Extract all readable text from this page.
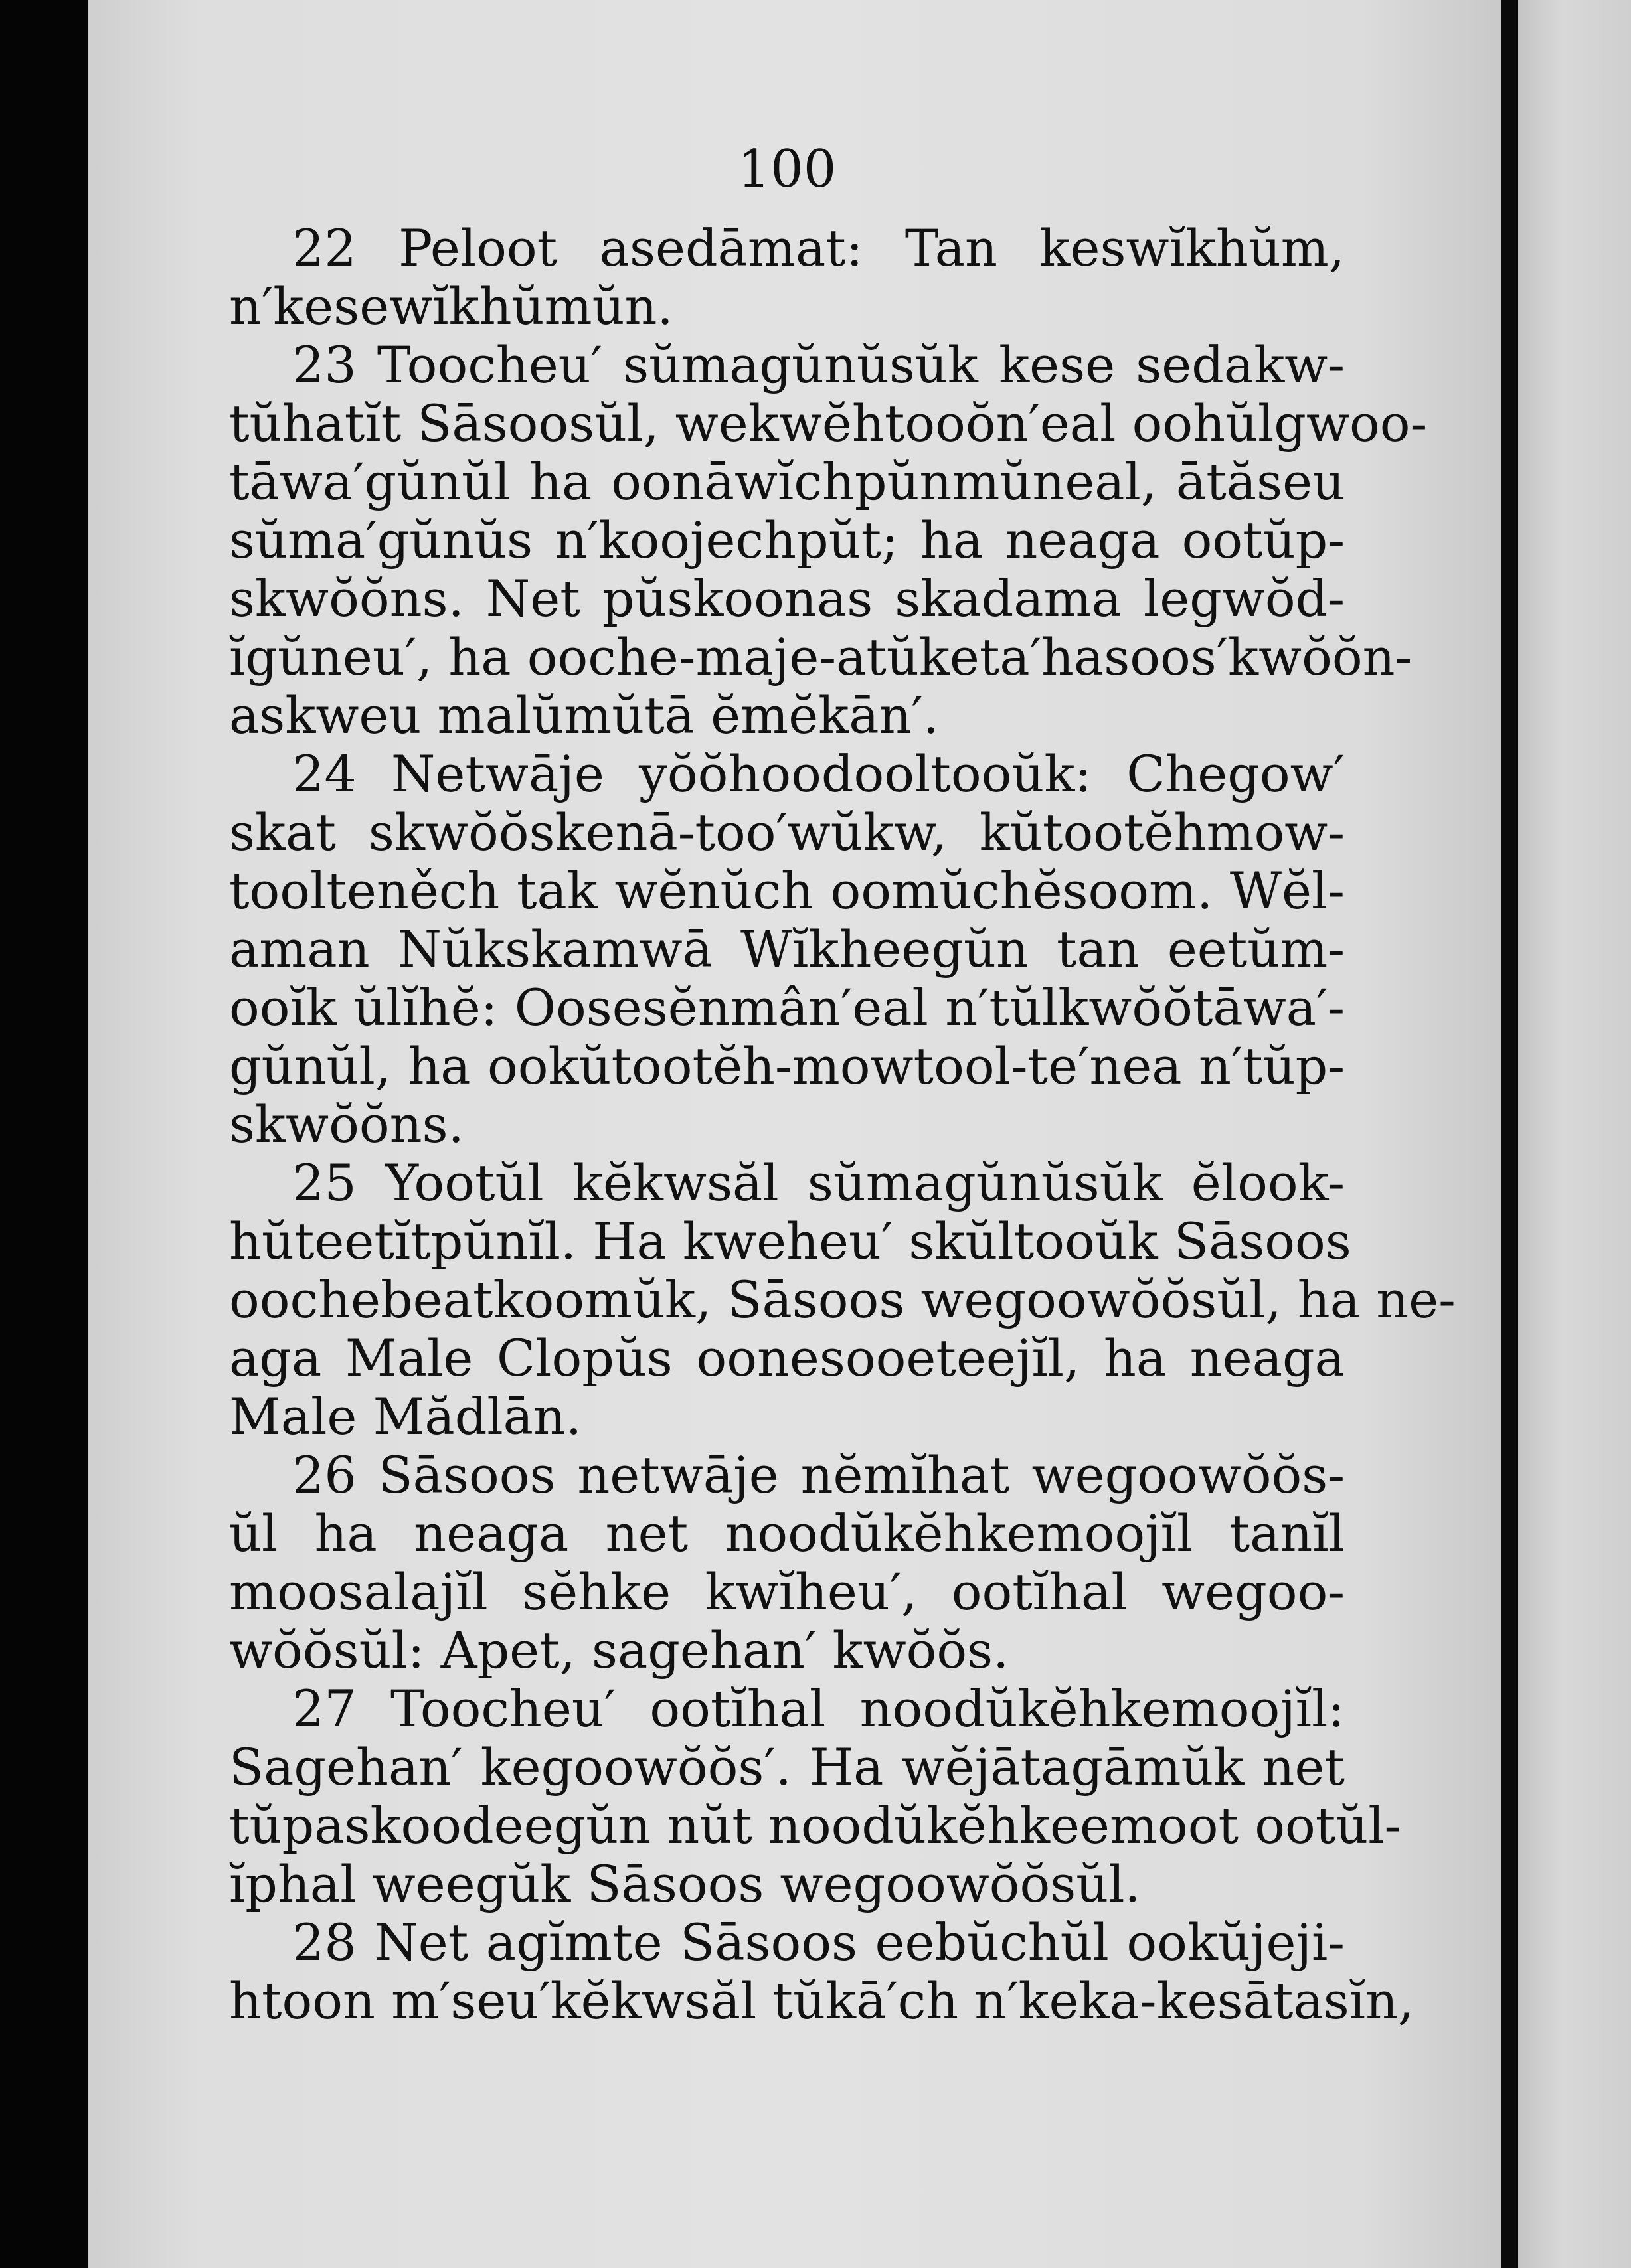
100
22 Peloot asedāmat: Tan keswĭkhŭm,
n′kesewĭkhŭmŭn.
23 Toocheu′ sŭmagŭnŭsŭk kese sedakw-
tŭhatĭt Sāsoosŭl, wekwĕhtooŏn′eal oohŭlgwoo-
tāwa′gŭnŭl ha oonāwĭchpŭnmŭneal, ātăseu
sŭma′gŭnŭs n′koojechpŭt; ha neaga ootŭp-
skwŏŏns. Net pŭskoonas skadama legwŏd-
ĭgŭneu′, ha ooche-maje-atŭketa′hasoos′kwŏŏn-
askweu malŭmŭtā ĕmĕkān′.
24 Netwāje yŏŏhoodooltooŭk: Chegow′
skat skwŏŏskenā-too′wŭkw, kŭtootĕhmow-
toolteněch tak wĕnŭch oomŭchĕsoom. Wĕl-
aman Nŭkskamwā Wĭkheegŭn tan eetŭm-
ooĭk ŭlĭhĕ: Oosesĕnmân′eal n′tŭlkwŏŏtāwa′-
gŭnŭl, ha ookŭtootĕh-mowtool-te′nea n′tŭp-
skwŏŏns.
25 Yootŭl kĕkwsăl sŭmagŭnŭsŭk ĕlook-
hŭteetĭtpŭnĭl. Ha kweheu′ skŭltooŭk Sāsoos
oochebeatkoomŭk, Sāsoos wegoowŏŏsŭl, ha ne-
aga Male Clopŭs oonesooeteejĭl, ha neaga
Male Mădlān.
26 Sāsoos netwāje nĕmĭhat wegoowŏŏs-
ŭl ha neaga net noodŭkĕhkemoojĭl tanĭl
moosalajĭl sĕhke kwĭheu′, ootĭhal wegoo-
wŏŏsŭl: Apet, sagehan′ kwŏŏs.
27 Toocheu′ ootĭhal noodŭkĕhkemoojĭl:
Sagehan′ kegoowŏŏs′. Ha wĕjātagāmŭk net
tŭpaskoodeegŭn nŭt noodŭkĕhkeemoot ootŭl-
ĭphal weegŭk Sāsoos wegoowŏŏsŭl.
28 Net agĭmte Sāsoos eebŭchŭl ookŭjeji-
htoon m′seu′kĕkwsăl tŭkā′ch n′keka-kesātasĭn,
